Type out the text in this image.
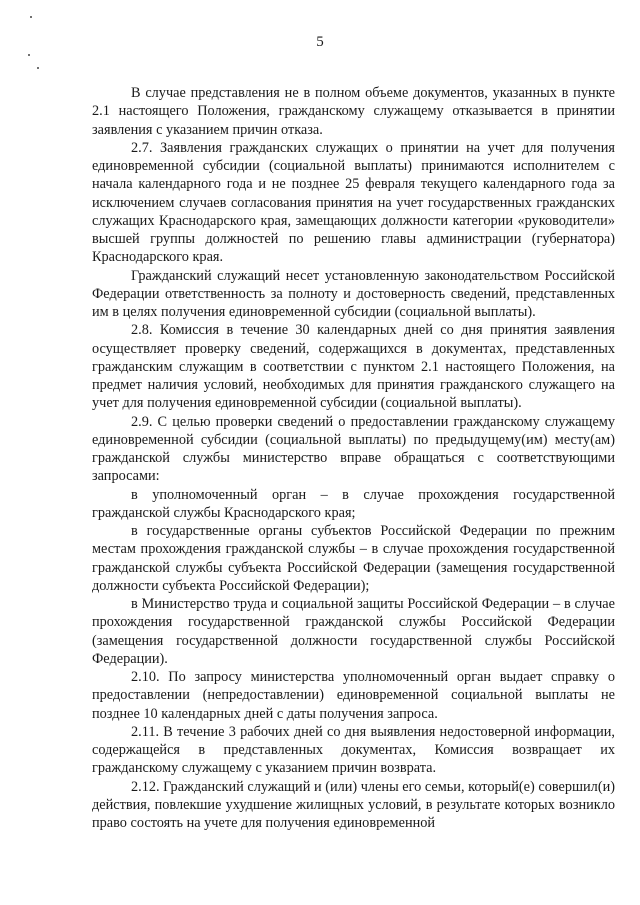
5

В случае представления не в полном объеме документов, указанных в пункте 2.1 настоящего Положения, гражданскому служащему отказывается в принятии заявления с указанием причин отказа.

2.7. Заявления гражданских служащих о принятии на учет для получения единовременной субсидии (социальной выплаты) принимаются исполнителем с начала календарного года и не позднее 25 февраля текущего календарного года за исключением случаев согласования принятия на учет государственных гражданских служащих Краснодарского края, замещающих должности категории «руководители» высшей группы должностей по решению главы администрации (губернатора) Краснодарского края.

Гражданский служащий несет установленную законодательством Российской Федерации ответственность за полноту и достоверность сведений, представленных им в целях получения единовременной субсидии (социальной выплаты).

2.8. Комиссия в течение 30 календарных дней со дня принятия заявления осуществляет проверку сведений, содержащихся в документах, представленных гражданским служащим в соответствии с пунктом 2.1 настоящего Положения, на предмет наличия условий, необходимых для принятия гражданского служащего на учет для получения единовременной субсидии (социальной выплаты).

2.9. С целью проверки сведений о предоставлении гражданскому служащему единовременной субсидии (социальной выплаты) по предыдущему(им) месту(ам) гражданской службы министерство вправе обращаться с соответствующими запросами:

в уполномоченный орган – в случае прохождения государственной гражданской службы Краснодарского края;

в государственные органы субъектов Российской Федерации по прежним местам прохождения гражданской службы – в случае прохождения государственной гражданской службы субъекта Российской Федерации (замещения государственной должности субъекта Российской Федерации);

в Министерство труда и социальной защиты Российской Федерации – в случае прохождения государственной гражданской службы Российской Федерации (замещения государственной должности государственной службы Российской Федерации).

2.10. По запросу министерства уполномоченный орган выдает справку о предоставлении (непредоставлении) единовременной социальной выплаты не позднее 10 календарных дней с даты получения запроса.

2.11. В течение 3 рабочих дней со дня выявления недостоверной информации, содержащейся в представленных документах, Комиссия возвращает их гражданскому служащему с указанием причин возврата.

2.12. Гражданский служащий и (или) члены его семьи, который(е) совершил(и) действия, повлекшие ухудшение жилищных условий, в результате которых возникло право состоять на учете для получения единовременной
